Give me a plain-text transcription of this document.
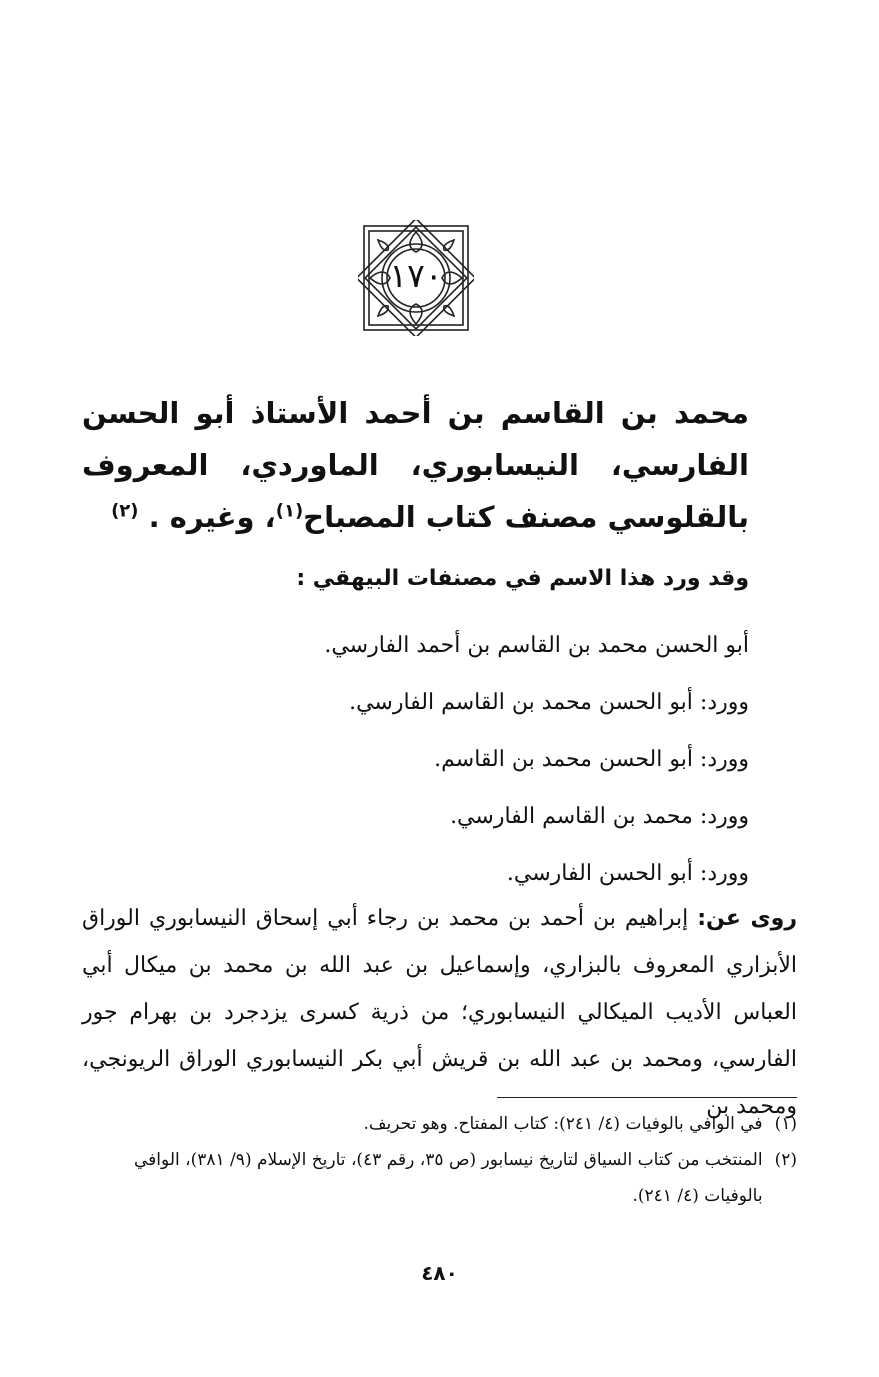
١٧٠
محمد بن القاسم بن أحمد الأستاذ أبو الحسن الفارسي، النيسابوري، الماوردي، المعروف بالقلوسي مصنف كتاب المصباح$^{(١)}$، وغيره . $^{(٢)}$
وقد ورد هذا الاسم في مصنفات البيهقي :
أبو الحسن محمد بن القاسم بن أحمد الفارسي.
وورد: أبو الحسن محمد بن القاسم الفارسي.
وورد: أبو الحسن محمد بن القاسم.
وورد: محمد بن القاسم الفارسي.
وورد: أبو الحسن الفارسي.
روى عن: إبراهيم بن أحمد بن محمد بن رجاء أبي إسحاق النيسابوري الوراق الأبزاري المعروف بالبزاري، وإسماعيل بن عبد الله بن محمد بن ميكال أبي العباس الأديب الميكالي النيسابوري؛ من ذرية كسرى يزدجرد بن بهرام جور الفارسي، ومحمد بن عبد الله بن قريش أبي بكر النيسابوري الوراق الريونجي، ومحمد بن
(١)
في الوافي بالوفيات (٤/ ٢٤١): كتاب المفتاح. وهو تحريف.
(٢)
المنتخب من كتاب السياق لتاريخ نيسابور (ص ٣٥، رقم ٤٣)، تاريخ الإسلام (٩/ ٣٨١)، الوافي بالوفيات (٤/ ٢٤١).
٤٨٠
